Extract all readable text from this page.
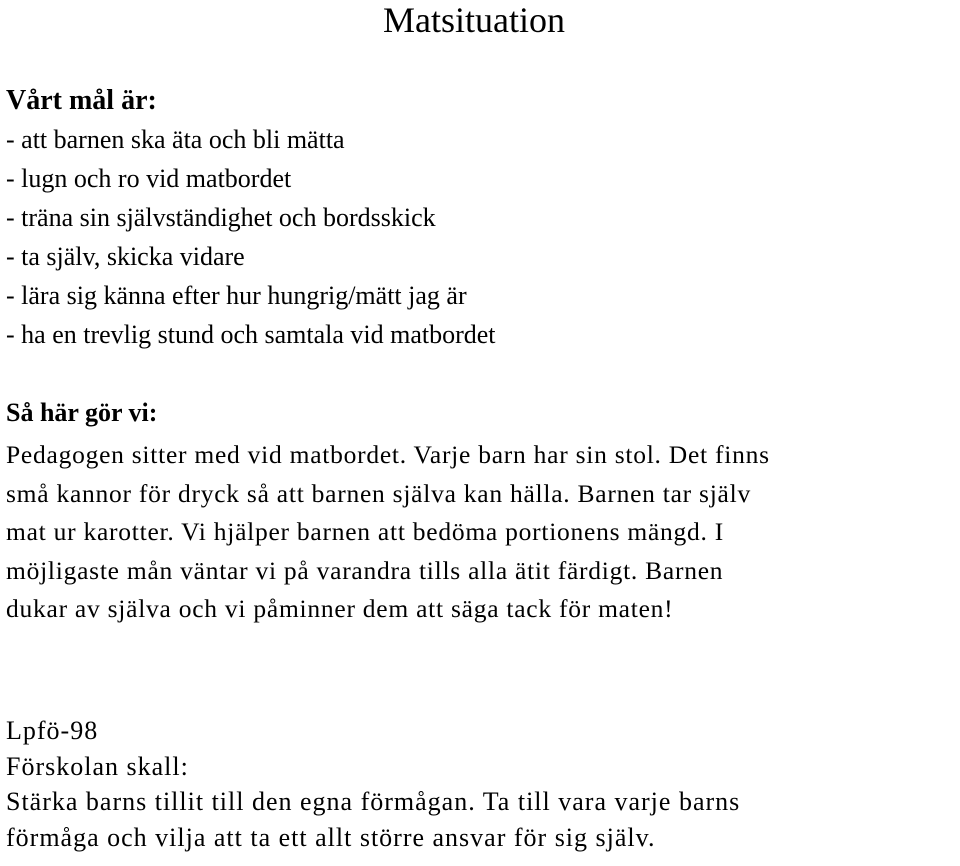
Matsituation
Vårt mål är:
- att barnen ska äta och bli mätta
- lugn och ro vid matbordet
- träna sin självständighet och bordsskick
- ta själv, skicka vidare
- lära sig känna efter hur hungrig/mätt jag är
- ha en trevlig stund och samtala vid matbordet
Så här gör vi:
Pedagogen sitter med vid matbordet. Varje barn har sin stol. Det finns
små kannor för dryck så att barnen själva kan hälla. Barnen tar själv
mat ur karotter. Vi hjälper barnen att bedöma portionens mängd. I
möjligaste mån väntar vi på varandra tills alla ätit färdigt. Barnen
dukar av själva och vi påminner dem att säga tack för maten!
Lpfö-98
Förskolan skall:
Stärka barns tillit till den egna förmågan. Ta till vara varje barns
förmåga och vilja att ta ett allt större ansvar för sig själv.
